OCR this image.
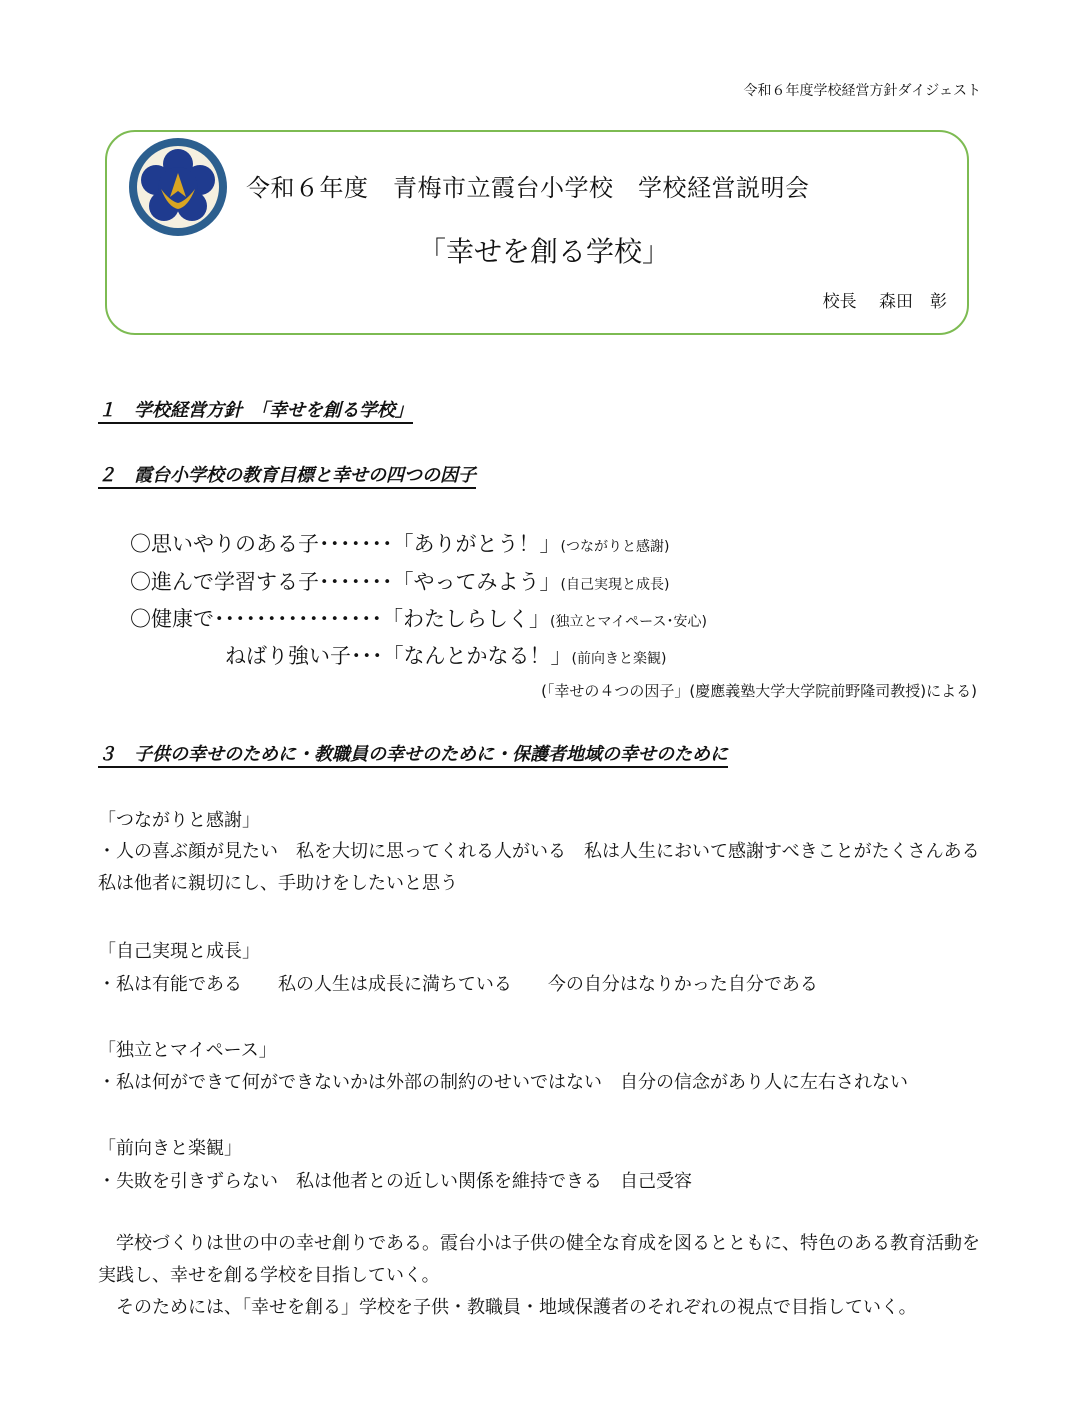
令和６年度学校経営方針ダイジェスト
令和６年度　青梅市立霞台小学校　学校経営説明会
「幸せを創る学校」
校長　 森田　彰
１　学校経営方針　「幸せを創る学校」
２　霞台小学校の教育目標と幸せの四つの因子
〇思いやりのある子･･･････「ありがとう！」(つながりと感謝)
〇進んで学習する子･･･････「やってみよう」(自己実現と成長)
〇健康で････････････････「わたしらしく」(独立とマイペース･安心)
ねばり強い子･･･「なんとかなる！」(前向きと楽観)
(「幸せの４つの因子」(慶應義塾大学大学院前野隆司教授)による)
３　子供の幸せのために・教職員の幸せのために・保護者地域の幸せのために
「つながりと感謝」
・人の喜ぶ顔が見たい　私を大切に思ってくれる人がいる　私は人生において感謝すべきことがたくさんある　私は他者に親切にし、手助けをしたいと思う
「自己実現と成長」
・私は有能である　　私の人生は成長に満ちている　　今の自分はなりかった自分である
「独立とマイペース」
・私は何ができて何ができないかは外部の制約のせいではない　自分の信念があり人に左右されない
「前向きと楽観」
・失敗を引きずらない　私は他者との近しい関係を維持できる　自己受容
　学校づくりは世の中の幸せ創りである。霞台小は子供の健全な育成を図るとともに、特色のある教育活動を実践し、幸せを創る学校を目指していく。
　そのためには、「幸せを創る」学校を子供・教職員・地域保護者のそれぞれの視点で目指していく。
